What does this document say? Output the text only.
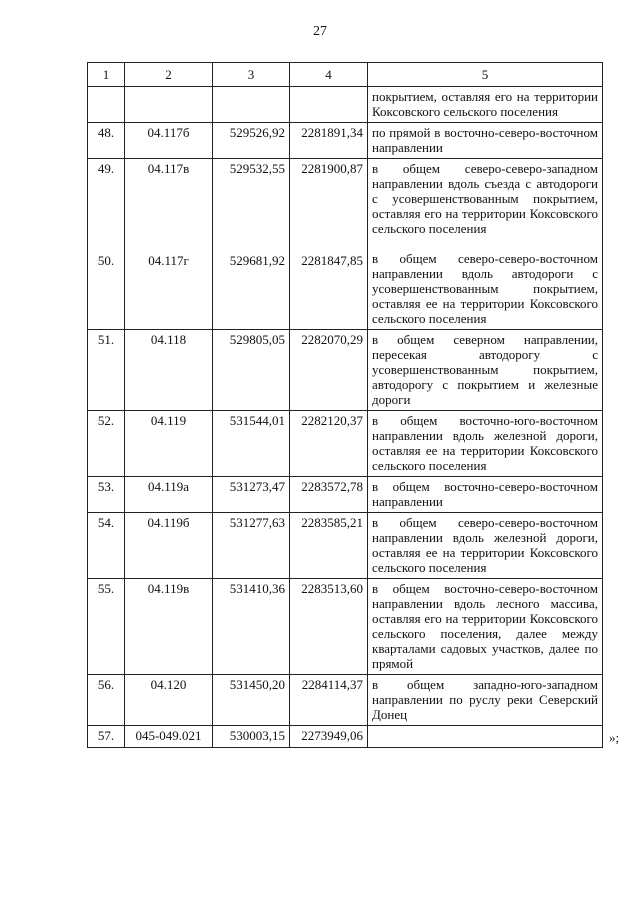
27
1	2	3	4	5
				покрытием, оставляя его на территории Коксовского сельского поселения
48.	04.117б	529526,92	2281891,34	по прямой в восточно-северо-восточном направлении
49.	04.117в	529532,55	2281900,87	в общем северо-северо-западном направлении вдоль съезда с автодороги с усовершенствованным покрытием, оставляя его на территории Коксовского сельского поселения
50.	04.117г	529681,92	2281847,85	в общем северо-северо-восточном направлении вдоль автодороги с усовершенствованным покрытием, оставляя ее на территории Коксовского сельского поселения
51.	04.118	529805,05	2282070,29	в общем северном направлении, пересекая автодорогу с усовершенствованным покрытием, автодорогу с покрытием и железные дороги
52.	04.119	531544,01	2282120,37	в общем восточно-юго-восточном направлении вдоль железной дороги, оставляя ее на территории Коксовского сельского поселения
53.	04.119а	531273,47	2283572,78	в общем восточно-северо-восточном направлении
54.	04.119б	531277,63	2283585,21	в общем северо-северо-восточном направлении вдоль железной дороги, оставляя ее на территории Коксовского сельского поселения
55.	04.119в	531410,36	2283513,60	в общем восточно-северо-восточном направлении вдоль лесного массива, оставляя его на территории Коксовского сельского поселения, далее между кварталами садовых участков, далее по прямой
56.	04.120	531450,20	2284114,37	в общем западно-юго-западном направлении по руслу реки Северский Донец
57.	045-049.021	530003,15	2273949,06		»;
